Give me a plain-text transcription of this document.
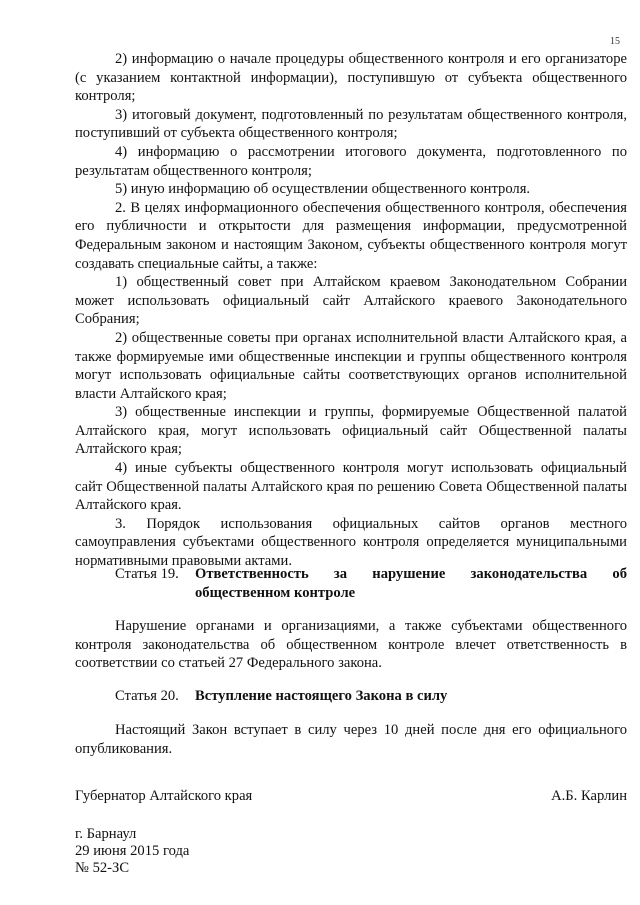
15

2) информацию о начале процедуры общественного контроля и его организаторе (с указанием контактной информации), поступившую от субъекта общественного контроля;

3) итоговый документ, подготовленный по результатам общественного контроля, поступивший от субъекта общественного контроля;

4) информацию о рассмотрении итогового документа, подготовленного по результатам общественного контроля;

5) иную информацию об осуществлении общественного контроля.

2. В целях информационного обеспечения общественного контроля, обеспечения его публичности и открытости для размещения информации, предусмотренной Федеральным законом и настоящим Законом, субъекты общественного контроля могут создавать специальные сайты, а также:

1) общественный совет при Алтайском краевом Законодательном Собрании может использовать официальный сайт Алтайского краевого Законодательного Собрания;

2) общественные советы при органах исполнительной власти Алтайского края, а также формируемые ими общественные инспекции и группы общественного контроля могут использовать официальные сайты соответствующих органов исполнительной власти Алтайского края;

3) общественные инспекции и группы, формируемые Общественной палатой Алтайского края, могут использовать официальный сайт Общественной палаты Алтайского края;

4) иные субъекты общественного контроля могут использовать официальный сайт Общественной палаты Алтайского края по решению Совета Общественной палаты Алтайского края.

3. Порядок использования официальных сайтов органов местного самоуправления субъектами общественного контроля определяется муниципальными нормативными правовыми актами.

Статья 19.	Ответственность за нарушение законодательства об общественном контроле

Нарушение органами и организациями, а также субъектами общественного контроля законодательства об общественном контроле влечет ответственность в соответствии со статьей 27 Федерального закона.

Статья 20.	Вступление настоящего Закона в силу

Настоящий Закон вступает в силу через 10 дней после дня его официального опубликования.

Губернатор Алтайского края	А.Б. Карлин
г. Барнаул
29 июня 2015 года
№ 52-ЗС
